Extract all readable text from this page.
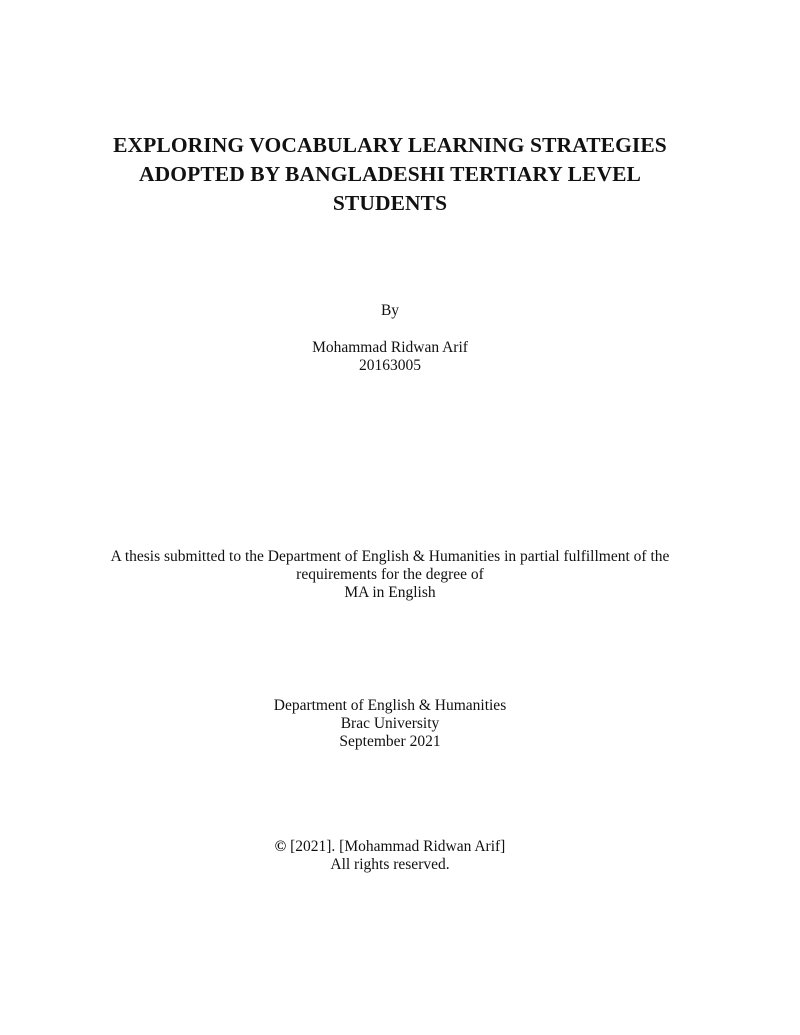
EXPLORING VOCABULARY LEARNING STRATEGIES
ADOPTED BY BANGLADESHI TERTIARY LEVEL
STUDENTS
By
Mohammad Ridwan Arif
20163005
A thesis submitted to the Department of English & Humanities in partial fulfillment of the
requirements for the degree of
MA in English
Department of English & Humanities
Brac University
September 2021
© [2021]. [Mohammad Ridwan Arif]
All rights reserved.
